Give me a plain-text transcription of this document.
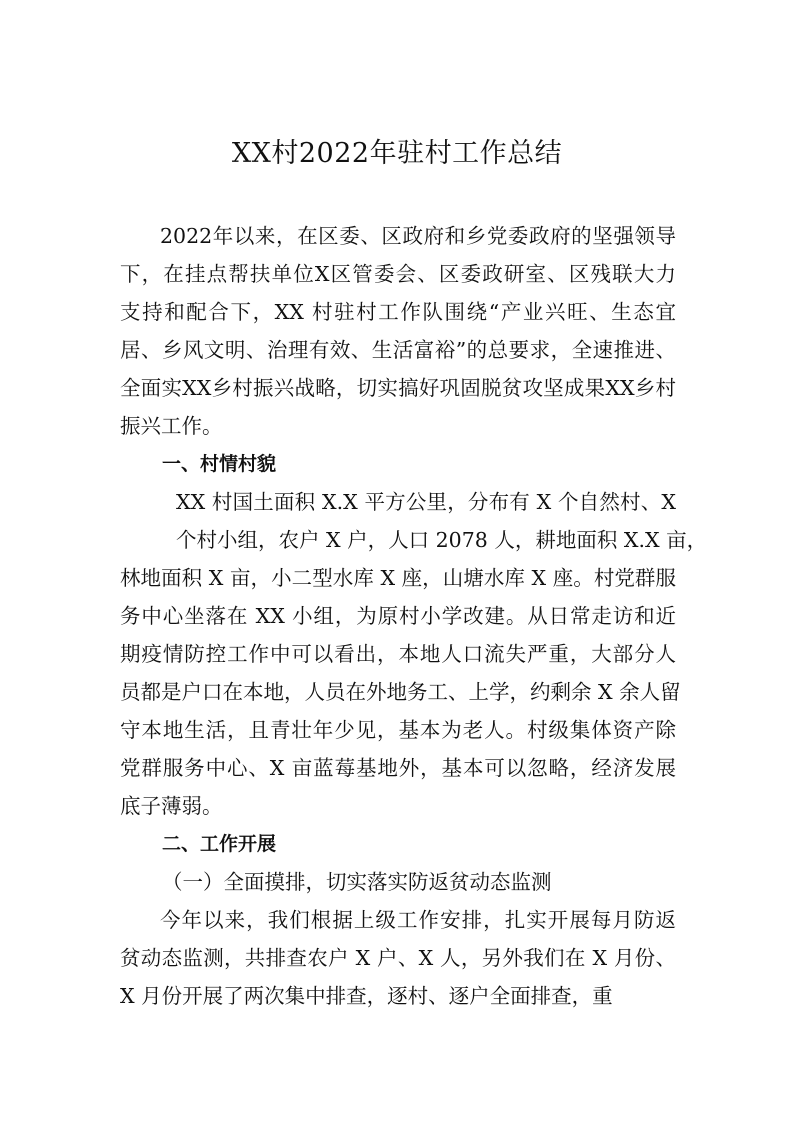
XX村2022年驻村工作总结
2022年以来，在区委、区政府和乡党委政府的坚强领导
下，在挂点帮扶单位X区管委会、区委政研室、区残联大力
支持和配合下，XX 村驻村工作队围绕“产业兴旺、生态宜
居、乡风文明、治理有效、生活富裕”的总要求，全速推进、
全面实XX乡村振兴战略，切实搞好巩固脱贫攻坚成果XX乡村
振兴工作。
一、村情村貌
XX 村国土面积 X.X 平方公里，分布有 X 个自然村、X
个村小组，农户 X 户，人口 2078 人，耕地面积 X.X 亩，
林地面积 X 亩，小二型水库 X 座，山塘水库 X 座。村党群服
务中心坐落在 XX 小组，为原村小学改建。从日常走访和近
期疫情防控工作中可以看出，本地人口流失严重，大部分人
员都是户口在本地，人员在外地务工、上学，约剩余 X 余人留
守本地生活，且青壮年少见，基本为老人。村级集体资产除
党群服务中心、X 亩蓝莓基地外，基本可以忽略，经济发展
底子薄弱。
二、工作开展
（一）全面摸排，切实落实防返贫动态监测
今年以来，我们根据上级工作安排，扎实开展每月防返
贫动态监测，共排查农户 X 户、X 人，另外我们在 X 月份、
X 月份开展了两次集中排查，逐村、逐户全面排查，重
